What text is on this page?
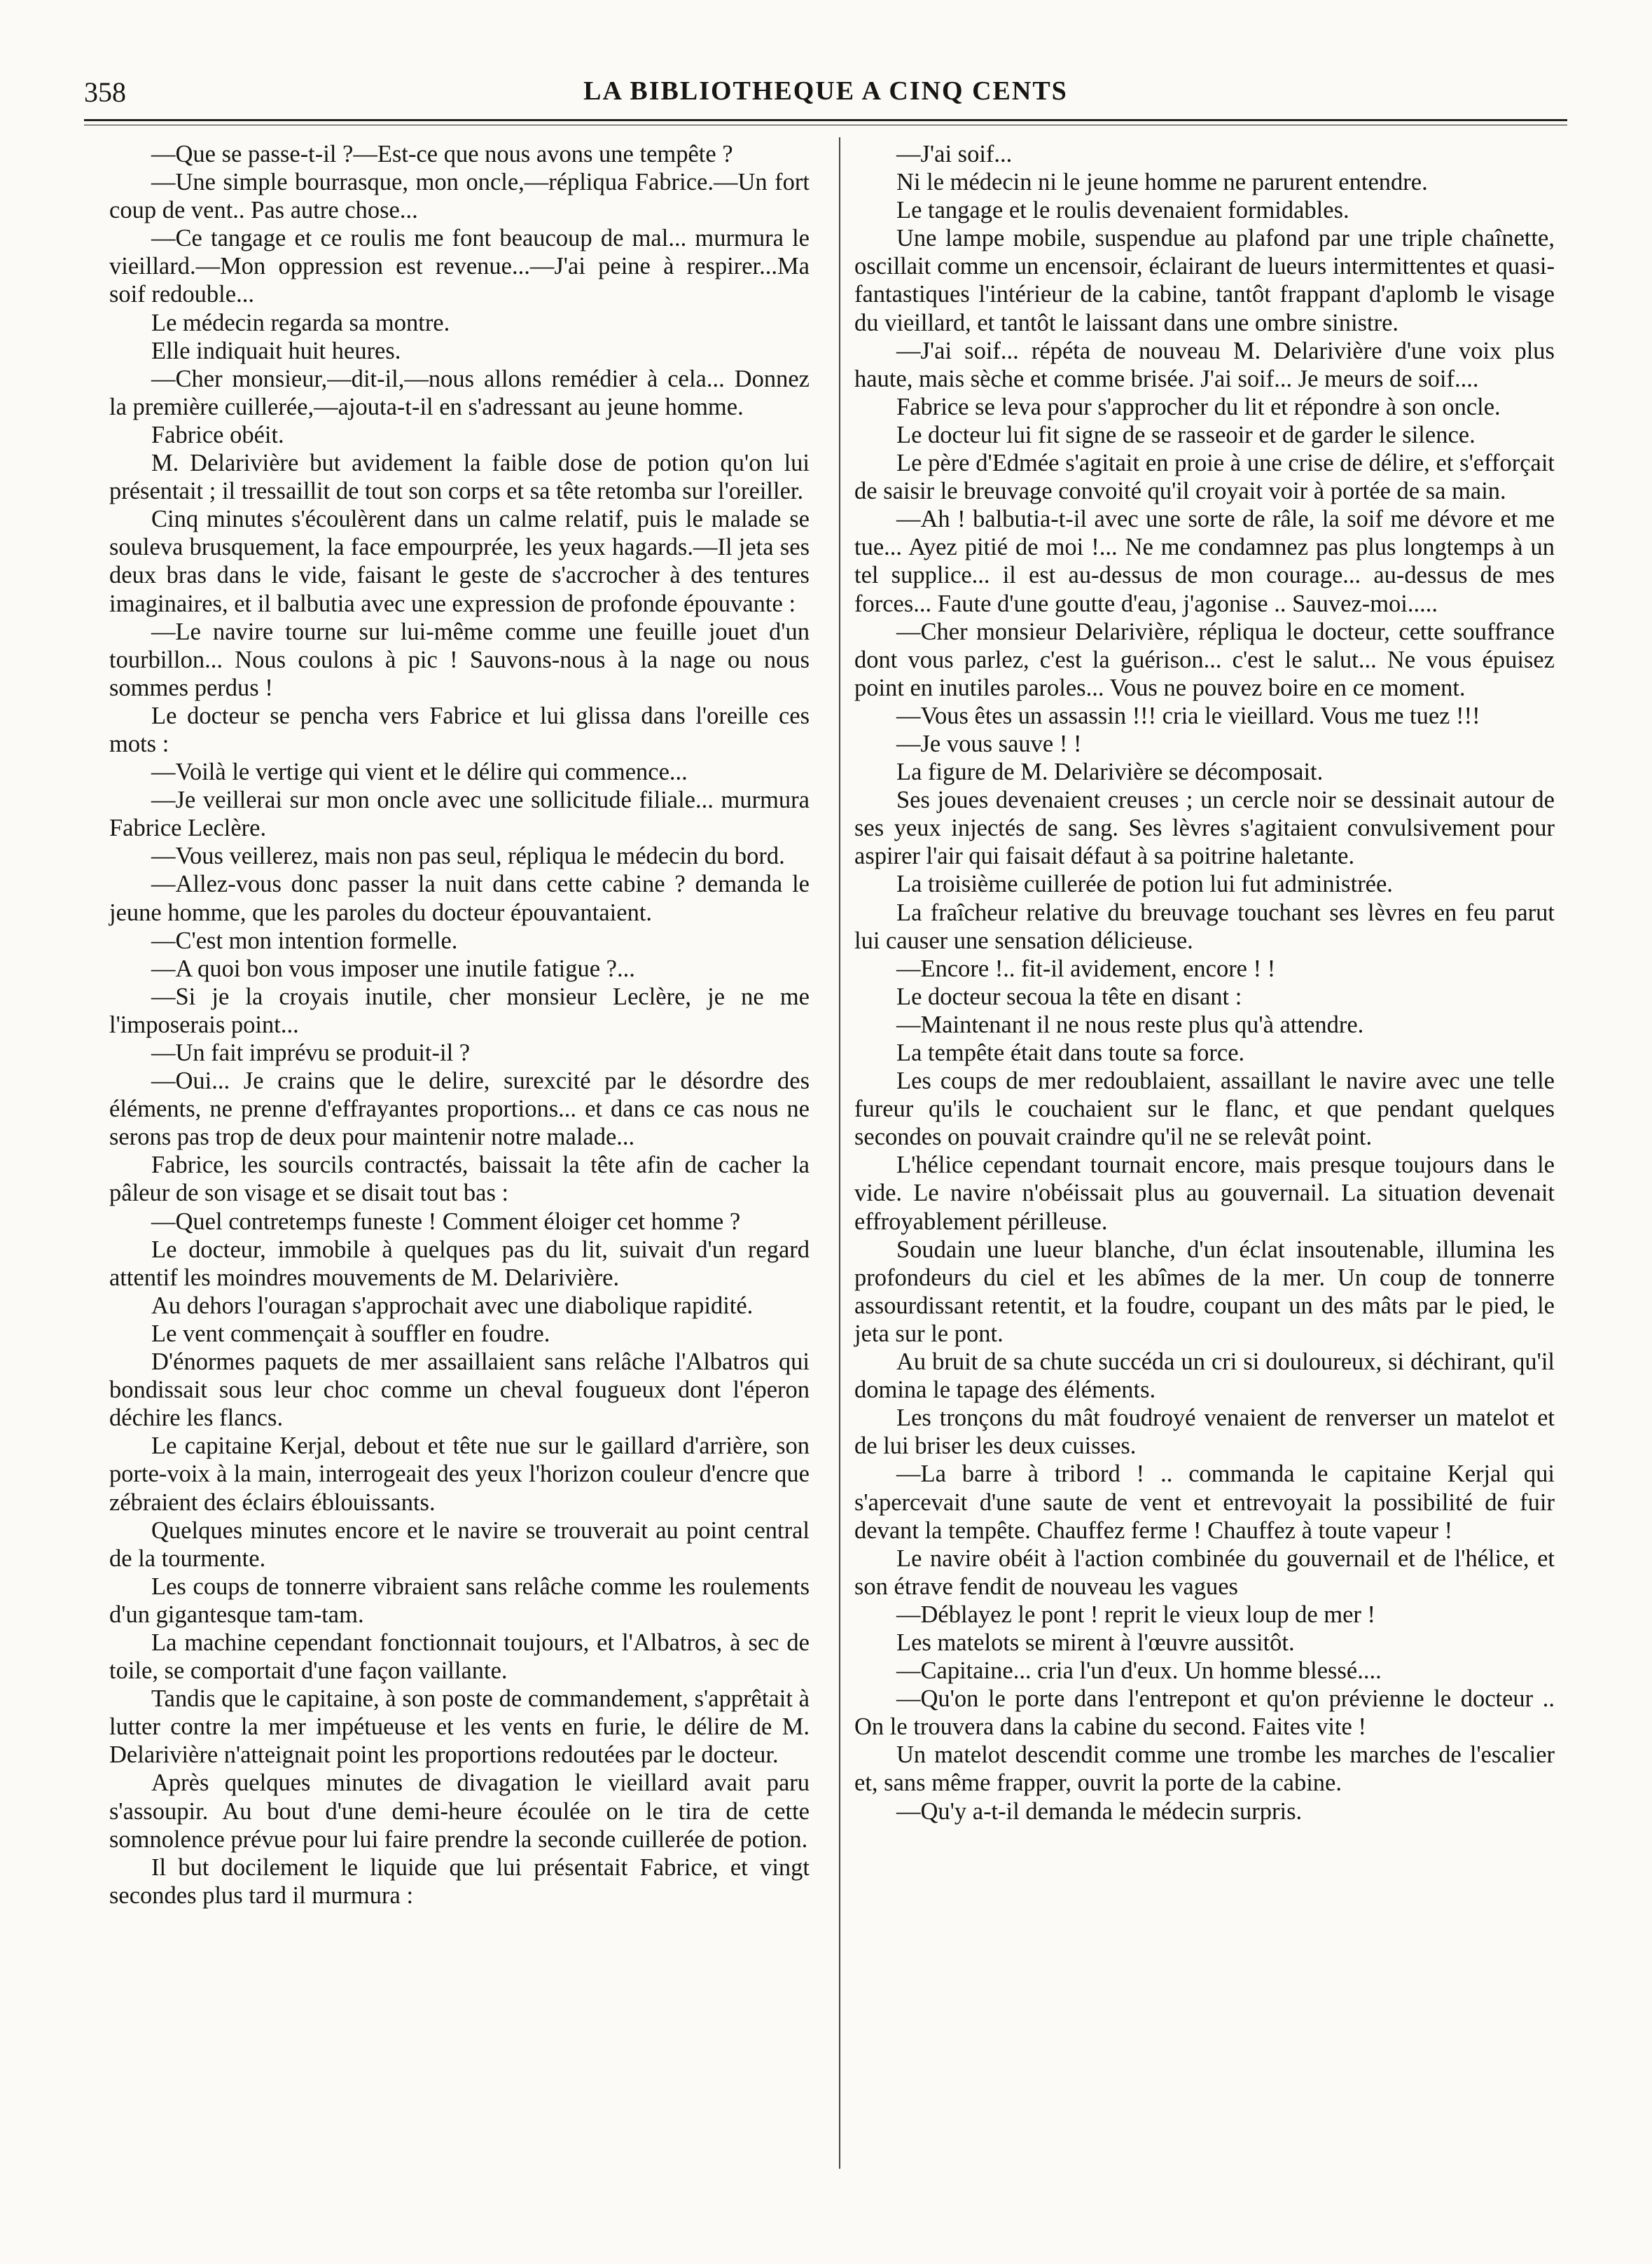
358	LA BIBLIOTHEQUE A CINQ CENTS

—Que se passe-t-il ?—Est-ce que nous avons une tempête ?

—Une simple bourrasque, mon oncle,—répliqua Fabrice.—Un fort coup de vent.. Pas autre chose...

—Ce tangage et ce roulis me font beaucoup de mal... murmura le vieillard.—Mon oppression est revenue...—J'ai peine à respirer...Ma soif redouble...

Le médecin regarda sa montre.

Elle indiquait huit heures.

—Cher monsieur,—dit-il,—nous allons remédier à cela... Donnez la première cuillerée,—ajouta-t-il en s'adressant au jeune homme.

Fabrice obéit.

M. Delarivière but avidement la faible dose de potion qu'on lui présentait ; il tressaillit de tout son corps et sa tête retomba sur l'oreiller.

Cinq minutes s'écoulèrent dans un calme relatif, puis le malade se souleva brusquement, la face empourprée, les yeux hagards.—Il jeta ses deux bras dans le vide, faisant le geste de s'accrocher à des tentures imaginaires, et il balbutia avec une expression de profonde épouvante :

—Le navire tourne sur lui-même comme une feuille jouet d'un tourbillon... Nous coulons à pic ! Sauvons-nous à la nage ou nous sommes perdus !

Le docteur se pencha vers Fabrice et lui glissa dans l'oreille ces mots :

—Voilà le vertige qui vient et le délire qui commence...

—Je veillerai sur mon oncle avec une sollicitude filiale... murmura Fabrice Leclère.

—Vous veillerez, mais non pas seul, répliqua le médecin du bord.

—Allez-vous donc passer la nuit dans cette cabine ? demanda le jeune homme, que les paroles du docteur épouvantaient.

—C'est mon intention formelle.

—A quoi bon vous imposer une inutile fatigue ?...

—Si je la croyais inutile, cher monsieur Leclère, je ne me l'imposerais point...

—Un fait imprévu se produit-il ?

—Oui... Je crains que le delire, surexcité par le désordre des éléments, ne prenne d'effrayantes proportions... et dans ce cas nous ne serons pas trop de deux pour maintenir notre malade...

Fabrice, les sourcils contractés, baissait la tête afin de cacher la pâleur de son visage et se disait tout bas :

—Quel contretemps funeste ! Comment éloiger cet homme ?

Le docteur, immobile à quelques pas du lit, suivait d'un regard attentif les moindres mouvements de M. Delarivière.

Au dehors l'ouragan s'approchait avec une diabolique rapidité.

Le vent commençait à souffler en foudre.

D'énormes paquets de mer assaillaient sans relâche l'Albatros qui bondissait sous leur choc comme un cheval fougueux dont l'éperon déchire les flancs.

Le capitaine Kerjal, debout et tête nue sur le gaillard d'arrière, son porte-voix à la main, interrogeait des yeux l'horizon couleur d'encre que zébraient des éclairs éblouissants.

Quelques minutes encore et le navire se trouverait au point central de la tourmente.

Les coups de tonnerre vibraient sans relâche comme les roulements d'un gigantesque tam-tam.

La machine cependant fonctionnait toujours, et l'Albatros, à sec de toile, se comportait d'une façon vaillante.

Tandis que le capitaine, à son poste de commandement, s'apprêtait à lutter contre la mer impétueuse et les vents en furie, le délire de M. Delarivière n'atteignait point les proportions redoutées par le docteur.

Après quelques minutes de divagation le vieillard avait paru s'assoupir. Au bout d'une demi-heure écoulée on le tira de cette somnolence prévue pour lui faire prendre la seconde cuillerée de potion.

Il but docilement le liquide que lui présentait Fabrice, et vingt secondes plus tard il murmura :

—J'ai soif...

Ni le médecin ni le jeune homme ne parurent entendre.

Le tangage et le roulis devenaient formidables.

Une lampe mobile, suspendue au plafond par une triple chaînette, oscillait comme un encensoir, éclairant de lueurs intermittentes et quasi-fantastiques l'intérieur de la cabine, tantôt frappant d'aplomb le visage du vieillard, et tantôt le laissant dans une ombre sinistre.

—J'ai soif... répéta de nouveau M. Delarivière d'une voix plus haute, mais sèche et comme brisée. J'ai soif... Je meurs de soif....

Fabrice se leva pour s'approcher du lit et répondre à son oncle.

Le docteur lui fit signe de se rasseoir et de garder le silence.

Le père d'Edmée s'agitait en proie à une crise de délire, et s'efforçait de saisir le breuvage convoité qu'il croyait voir à portée de sa main.

—Ah ! balbutia-t-il avec une sorte de râle, la soif me dévore et me tue... Ayez pitié de moi !... Ne me condamnez pas plus longtemps à un tel supplice... il est au-dessus de mon courage... au-dessus de mes forces... Faute d'une goutte d'eau, j'agonise .. Sauvez-moi.....

—Cher monsieur Delarivière, répliqua le docteur, cette souffrance dont vous parlez, c'est la guérison... c'est le salut... Ne vous épuisez point en inutiles paroles... Vous ne pouvez boire en ce moment.

—Vous êtes un assassin !!! cria le vieillard. Vous me tuez !!!

—Je vous sauve ! !

La figure de M. Delarivière se décomposait.

Ses joues devenaient creuses ; un cercle noir se dessinait autour de ses yeux injectés de sang. Ses lèvres s'agitaient convulsivement pour aspirer l'air qui faisait défaut à sa poitrine haletante.

La troisième cuillerée de potion lui fut administrée.

La fraîcheur relative du breuvage touchant ses lèvres en feu parut lui causer une sensation délicieuse.

—Encore !.. fit-il avidement, encore ! !

Le docteur secoua la tête en disant :

—Maintenant il ne nous reste plus qu'à attendre.

La tempête était dans toute sa force.

Les coups de mer redoublaient, assaillant le navire avec une telle fureur qu'ils le couchaient sur le flanc, et que pendant quelques secondes on pouvait craindre qu'il ne se relevât point.

L'hélice cependant tournait encore, mais presque toujours dans le vide. Le navire n'obéissait plus au gouvernail. La situation devenait effroyablement périlleuse.

Soudain une lueur blanche, d'un éclat insoutenable, illumina les profondeurs du ciel et les abîmes de la mer. Un coup de tonnerre assourdissant retentit, et la foudre, coupant un des mâts par le pied, le jeta sur le pont.

Au bruit de sa chute succéda un cri si douloureux, si déchirant, qu'il domina le tapage des éléments.

Les tronçons du mât foudroyé venaient de renverser un matelot et de lui briser les deux cuisses.

—La barre à tribord ! .. commanda le capitaine Kerjal qui s'apercevait d'une saute de vent et entrevoyait la possibilité de fuir devant la tempête. Chauffez ferme ! Chauffez à toute vapeur !

Le navire obéit à l'action combinée du gouvernail et de l'hélice, et son étrave fendit de nouveau les vagues

—Déblayez le pont ! reprit le vieux loup de mer !

Les matelots se mirent à l'œuvre aussitôt.

—Capitaine... cria l'un d'eux. Un homme blessé....

—Qu'on le porte dans l'entrepont et qu'on prévienne le docteur .. On le trouvera dans la cabine du second. Faites vite !

Un matelot descendit comme une trombe les marches de l'escalier et, sans même frapper, ouvrit la porte de la cabine.

—Qu'y a-t-il demanda le médecin surpris.
